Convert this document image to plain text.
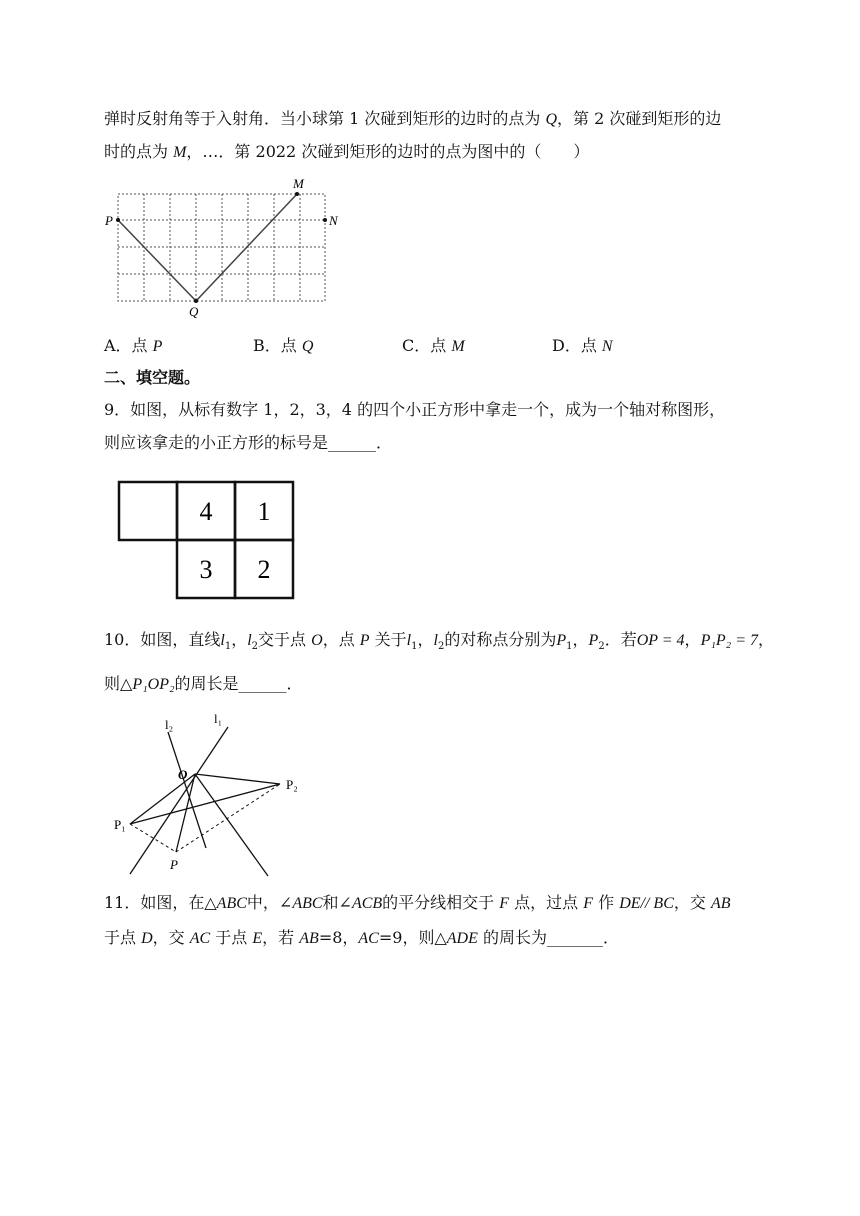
弹时反射角等于入射角．当小球第 1 次碰到矩形的边时的点为 Q，第 2 次碰到矩形的边
时的点为 M，…．第 2022 次碰到矩形的边时的点为图中的（　　）
P
Q
M
N
A．点 P	B．点 Q	C．点 M	D．点 N
二、填空题。
9．如图，从标有数字 1，2，3，4 的四个小正方形中拿走一个，成为一个轴对称图形，
则应该拿走的小正方形的标号是______．
4 1
3 2
10．如图，直线$l_1$，$l_2$交于点 O，点 P 关于$l_1$，$l_2$的对称点分别为$P_1$，$P_2$．若OP = 4，P₁P₂ = 7，
则△P₁OP₂的周长是______．
l₂	l₁
O
P₂
P₁
P
11．如图，在△ABC中，∠ABC和∠ACB的平分线相交于 F 点，过点 F 作 DE// BC，交 AB
于点 D，交 AC 于点 E，若 AB=8，AC=9，则△ADE 的周长为_______．
